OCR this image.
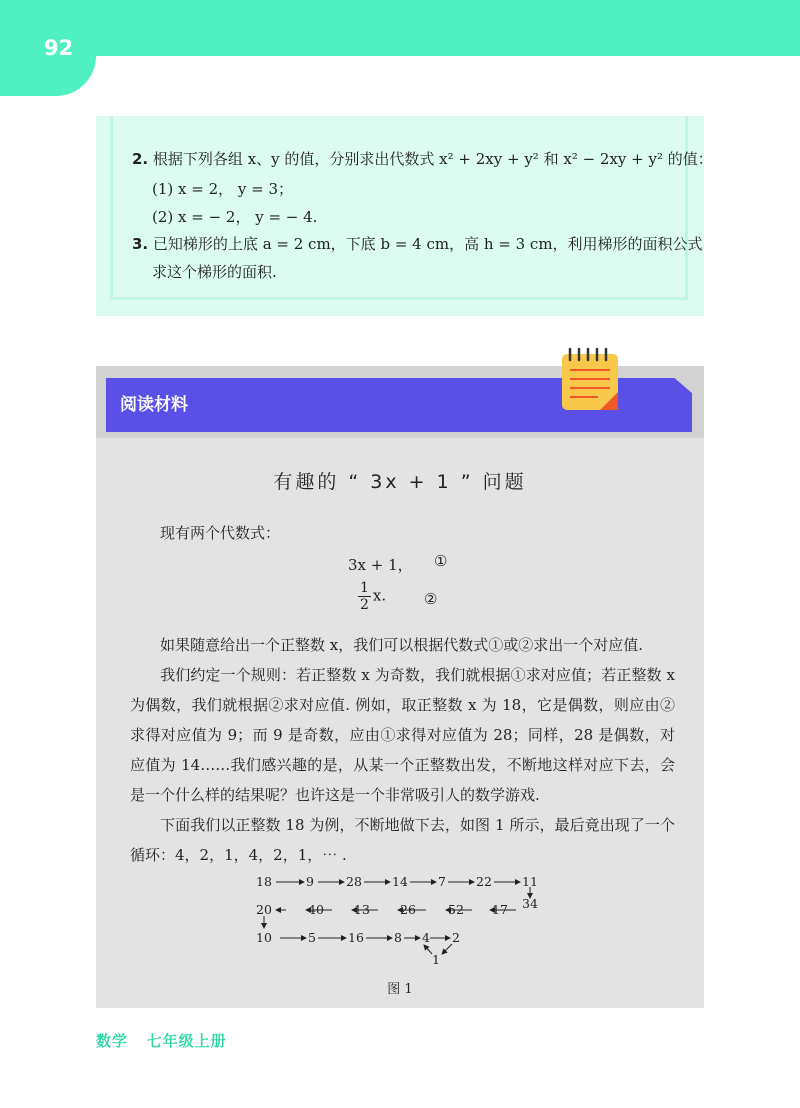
92
2. 根据下列各组 x、y 的值，分别求出代数式 x² + 2xy + y² 和 x² − 2xy + y² 的值：
(1) x = 2， y = 3；
(2) x = − 2， y = − 4.
3. 已知梯形的上底 a = 2 cm，下底 b = 4 cm，高 h = 3 cm，利用梯形的面积公式
求这个梯形的面积.
阅读材料
有趣的 “ 3x + 1 ” 问题
现有两个代数式：
3x + 1， ①
$\frac{1}{2} x$.	②
如果随意给出一个正整数 x，我们可以根据代数式①或②求出一个对应值.
我们约定一个规则：若正整数 x 为奇数，我们就根据①求对应值；若正整数 x 为偶数，我们就根据②求对应值. 例如，取正整数 x 为 18，它是偶数，则应由②求得对应值为 9；而 9 是奇数，应由①求得对应值为 28；同样，28 是偶数，对应值为 14……我们感兴趣的是，从某一个正整数出发，不断地这样对应下去，会是一个什么样的结果呢？也许这是一个非常吸引人的数学游戏.
下面我们以正整数 18 为例，不断地做下去，如图 1 所示，最后竟出现了一个循环：4，2，1，4，2，1，⋯ .
18	9	28 14 7 22 11
34
20	40 13 26	52 17
10	5	16 8 4 2
1
图 1
数学   七年级上册
